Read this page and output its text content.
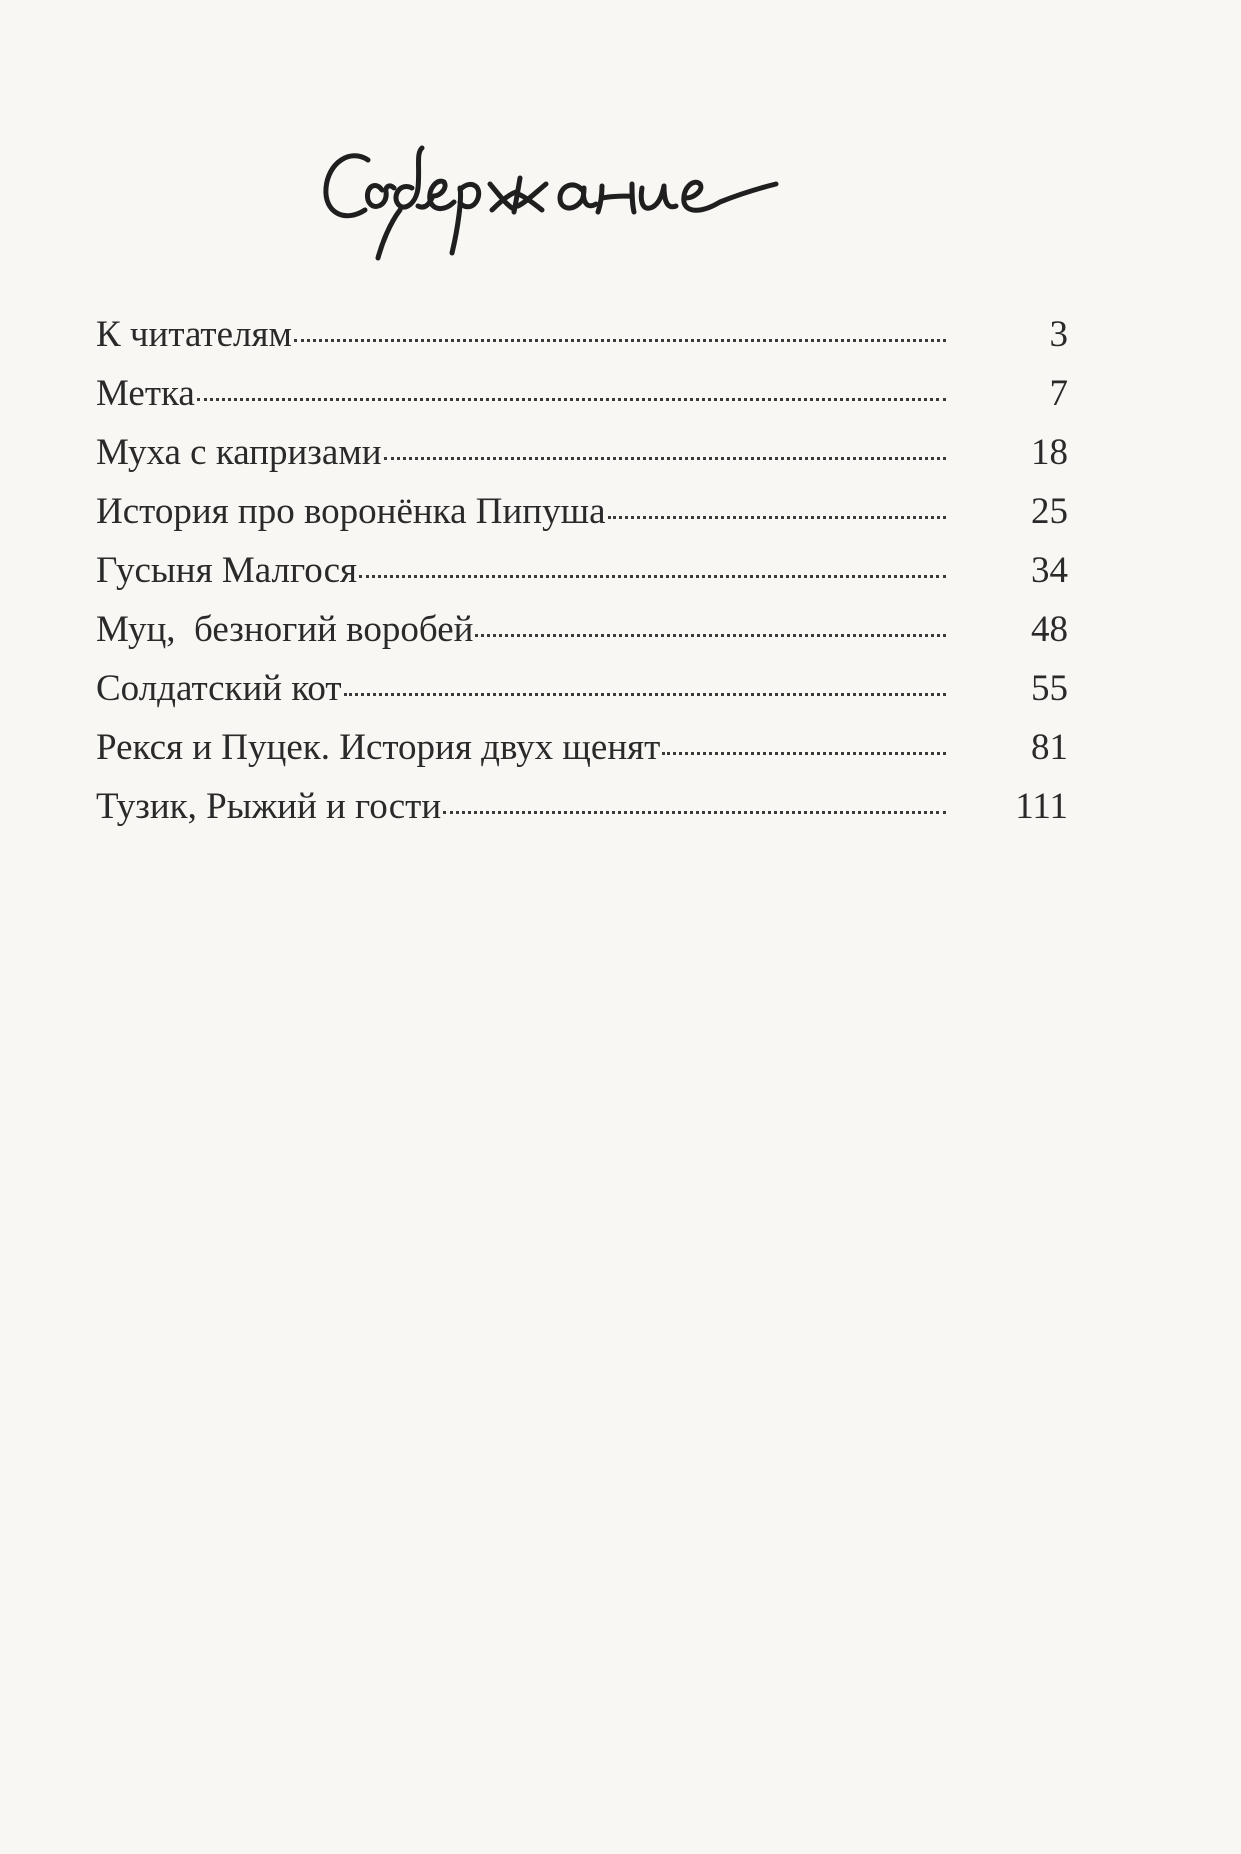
К читателям	3
Метка	7
Муха с капризами	18
История про воронёнка Пипуша	25
Гусыня Малгося	34
Муц,  безногий воробей	48
Солдатский кот	55
Рекся и Пуцек. История двух щенят	81
Тузик, Рыжий и гости	111
